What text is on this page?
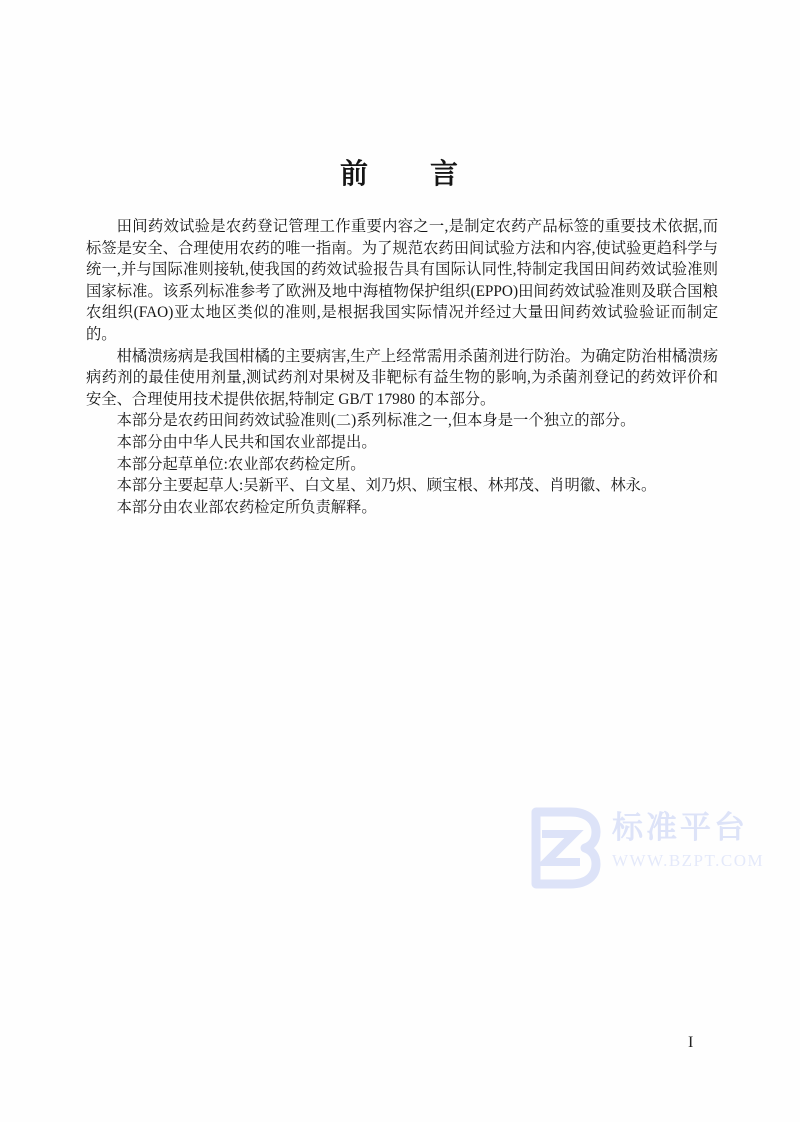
前　　言

田间药效试验是农药登记管理工作重要内容之一,是制定农药产品标签的重要技术依据,而标签是安全、合理使用农药的唯一指南。为了规范农药田间试验方法和内容,使试验更趋科学与统一,并与国际准则接轨,使我国的药效试验报告具有国际认同性,特制定我国田间药效试验准则国家标准。该系列标准参考了欧洲及地中海植物保护组织(EPPO)田间药效试验准则及联合国粮农组织(FAO)亚太地区类似的准则,是根据我国实际情况并经过大量田间药效试验验证而制定的。

柑橘溃疡病是我国柑橘的主要病害,生产上经常需用杀菌剂进行防治。为确定防治柑橘溃疡病药剂的最佳使用剂量,测试药剂对果树及非靶标有益生物的影响,为杀菌剂登记的药效评价和安全、合理使用技术提供依据,特制定 GB/T 17980 的本部分。

本部分是农药田间药效试验准则(二)系列标准之一,但本身是一个独立的部分。

本部分由中华人民共和国农业部提出。

本部分起草单位:农业部农药检定所。

本部分主要起草人:吴新平、白文星、刘乃炽、顾宝根、林邦茂、肖明徽、林永。

本部分由农业部农药检定所负责解释。

标准平台
WWW.BZPT.COM
I
